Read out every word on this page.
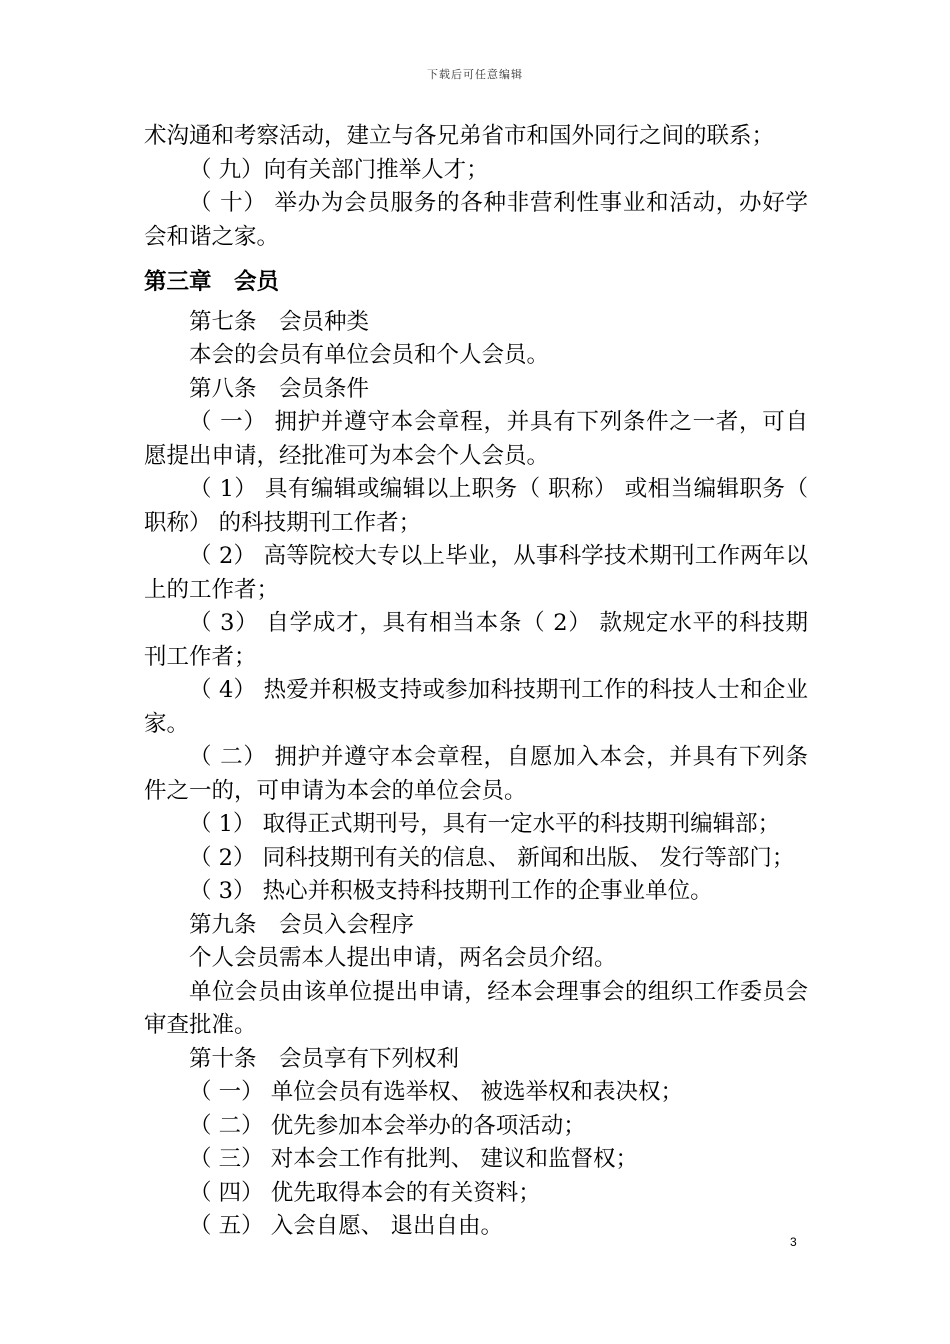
下载后可任意编辑

术沟通和考察活动，建立与各兄弟省市和国外同行之间的联系；

（ 九）向有关部门推举人才；

（ 十） 举办为会员服务的各种非营利性事业和活动，办好学会和谐之家。

第三章　会员

第七条　会员种类

本会的会员有单位会员和个人会员。

第八条　会员条件

（ 一） 拥护并遵守本会章程，并具有下列条件之一者，可自愿提出申请，经批准可为本会个人会员。

（ 1） 具有编辑或编辑以上职务（ 职称） 或相当编辑职务（ 职称） 的科技期刊工作者；

（ 2） 高等院校大专以上毕业，从事科学技术期刊工作两年以上的工作者；

（ 3） 自学成才，具有相当本条（ 2） 款规定水平的科技期刊工作者；

（ 4） 热爱并积极支持或参加科技期刊工作的科技人士和企业家。

（ 二） 拥护并遵守本会章程，自愿加入本会，并具有下列条件之一的，可申请为本会的单位会员。

（ 1） 取得正式期刊号，具有一定水平的科技期刊编辑部；

（ 2） 同科技期刊有关的信息、 新闻和出版、 发行等部门；

（ 3） 热心并积极支持科技期刊工作的企事业单位。

第九条　会员入会程序

个人会员需本人提出申请，两名会员介绍。

单位会员由该单位提出申请，经本会理事会的组织工作委员会审查批准。

第十条　会员享有下列权利

（ 一） 单位会员有选举权、 被选举权和表决权；

（ 二） 优先参加本会举办的各项活动；

（ 三） 对本会工作有批判、 建议和监督权；

（ 四） 优先取得本会的有关资料；

（ 五） 入会自愿、 退出自由。

3
